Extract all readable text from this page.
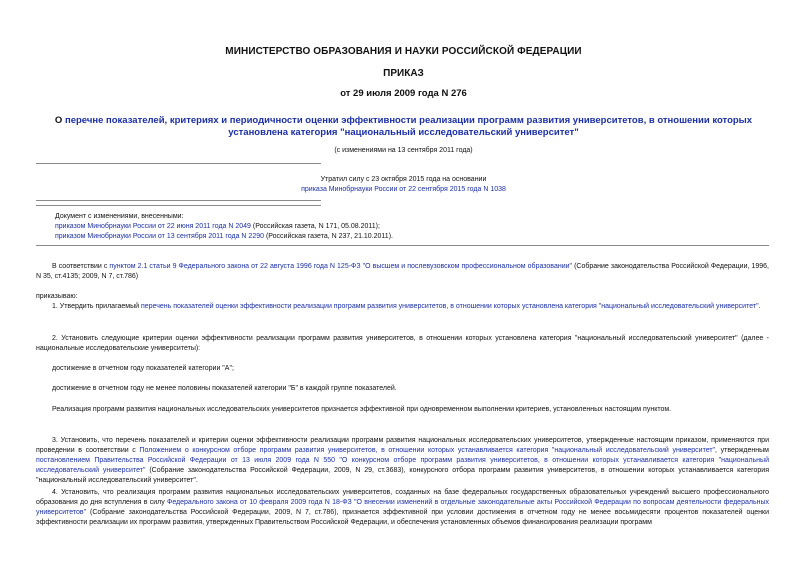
МИНИСТЕРСТВО ОБРАЗОВАНИЯ И НАУКИ РОССИЙСКОЙ ФЕДЕРАЦИИ
ПРИКАЗ
от 29 июля 2009 года N 276
О перечне показателей, критериях и периодичности оценки эффективности реализации программ развития университетов, в отношении которых установлена категория "национальный исследовательский университет"
(с изменениями на 13 сентября 2011 года)
Утратил силу с 23 октября 2015 года на основании
приказа Минобрнауки России от 22 сентября 2015 года N 1038
Документ с изменениями, внесенными:
приказом Минобрнауки России от 22 июня 2011 года N 2049 (Российская газета, N 171, 05.08.2011);
приказом Минобрнауки России от 13 сентября 2011 года N 2290 (Российская газета, N 237, 21.10.2011).
В соответствии с пунктом 2.1 статьи 9 Федерального закона от 22 августа 1996 года N 125-ФЗ "О высшем и послевузовском профессиональном образовании" (Собрание законодательства Российской Федерации, 1996, N 35, ст.4135; 2009, N 7, ст.786)
приказываю:
1. Утвердить прилагаемый перечень показателей оценки эффективности реализации программ развития университетов, в отношении которых установлена категория "национальный исследовательский университет".
2. Установить следующие критерии оценки эффективности реализации программ развития университетов, в отношении которых установлена категория "национальный исследовательский университет" (далее - национальные исследовательские университеты):
достижение в отчетном году показателей категории "А";
достижение в отчетном году не менее половины показателей категории "Б" в каждой группе показателей.
Реализация программ развития национальных исследовательских университетов признается эффективной при одновременном выполнении критериев, установленных настоящим пунктом.
3. Установить, что перечень показателей и критерии оценки эффективности реализации программ развития национальных исследовательских университетов, утвержденные настоящим приказом, применяются при проведении в соответствии с Положением о конкурсном отборе программ развития университетов, в отношении которых устанавливается категория "национальный исследовательский университет", утвержденным постановлением Правительства Российской Федерации от 13 июля 2009 года N 550 "О конкурсном отборе программ развития университетов, в отношении которых устанавливается категория "национальный исследовательский университет" (Собрание законодательства Российской Федерации, 2009, N 29, ст.3683), конкурсного отбора программ развития университетов, в отношении которых устанавливается категория "национальный исследовательский университет".
4. Установить, что реализация программ развития национальных исследовательских университетов, созданных на базе федеральных государственных образовательных учреждений высшего профессионального образования до дня вступления в силу Федерального закона от 10 февраля 2009 года N 18-ФЗ "О внесении изменений в отдельные законодательные акты Российской Федерации по вопросам деятельности федеральных университетов" (Собрание законодательства Российской Федерации, 2009, N 7, ст.786), признается эффективной при условии достижения в отчетном году не менее восьмидесяти процентов показателей оценки эффективности реализации их программ развития, утвержденных Правительством Российской Федерации, и обеспечения установленных объемов финансирования реализации программ
